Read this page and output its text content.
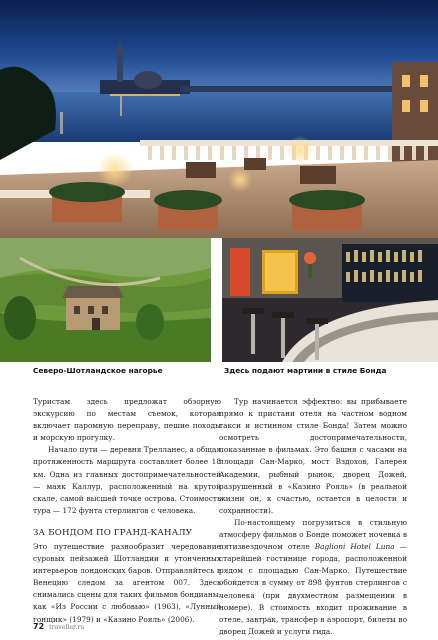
Северо-Шотландское нагорье	Здесь подают мартини в стиле Бонда

Туристам здесь предложат обзорную экскурсию по местам съемок, которая включает паромную переправу, пешие походы и морскую прогулку.

Начало пути — деревня Трелланес, а общая протяженность маршрута составляет более 18 км. Одна из главных достопримечательностей — маяк Каллур, расположенный на крутой скале, самой высшей точке острова. Стоимость тура — 172 фунта стерлингов с человека.

ЗА БОНДОМ ПО ГРАНД-КАНАЛУ

Это путешествие разнообразит чередование суровых пейзажей Шотландии и утонченных интерьеров лондонских баров. Отправляйтесь в Венецию следом за агентом 007. Здесь снимались сцены для таких фильмов бондианы, как «Из России с любовью» (1963), «Лунный гонщик» (1979) и «Казино Рояль» (2006).

Тур начинается эффектно: вы прибываете прямо к пристани отеля на частном водном такси и истинном стиле Бонда! Затем можно осмотреть достопримечательности, показанные в фильмах. Это башня с часами на площади Сан-Марко, мост Вздохов, Галерея Академии, рыбный рынок, дворец Дожей, разрушенный в «Казино Рояль» (в реальной жизни он, к счастью, остается в целости и сохранности).

По-настоящему погрузиться в стильную атмосферу фильмов о Бонде поможет ночевка в пятизвездочном отеле Baglioni Hotel Luna — старейшей гостинице города, расположенной рядом с площадью Сан-Марко. Путешествие обойдется в сумму от 898 фунтов стерлингов с человека (при двухместном размещении в номере). В стоимость входит проживание в отеле, завтрак, трансфер в аэропорт, билеты во дворец Дожей и услуги гида.

72 traveller.ru
